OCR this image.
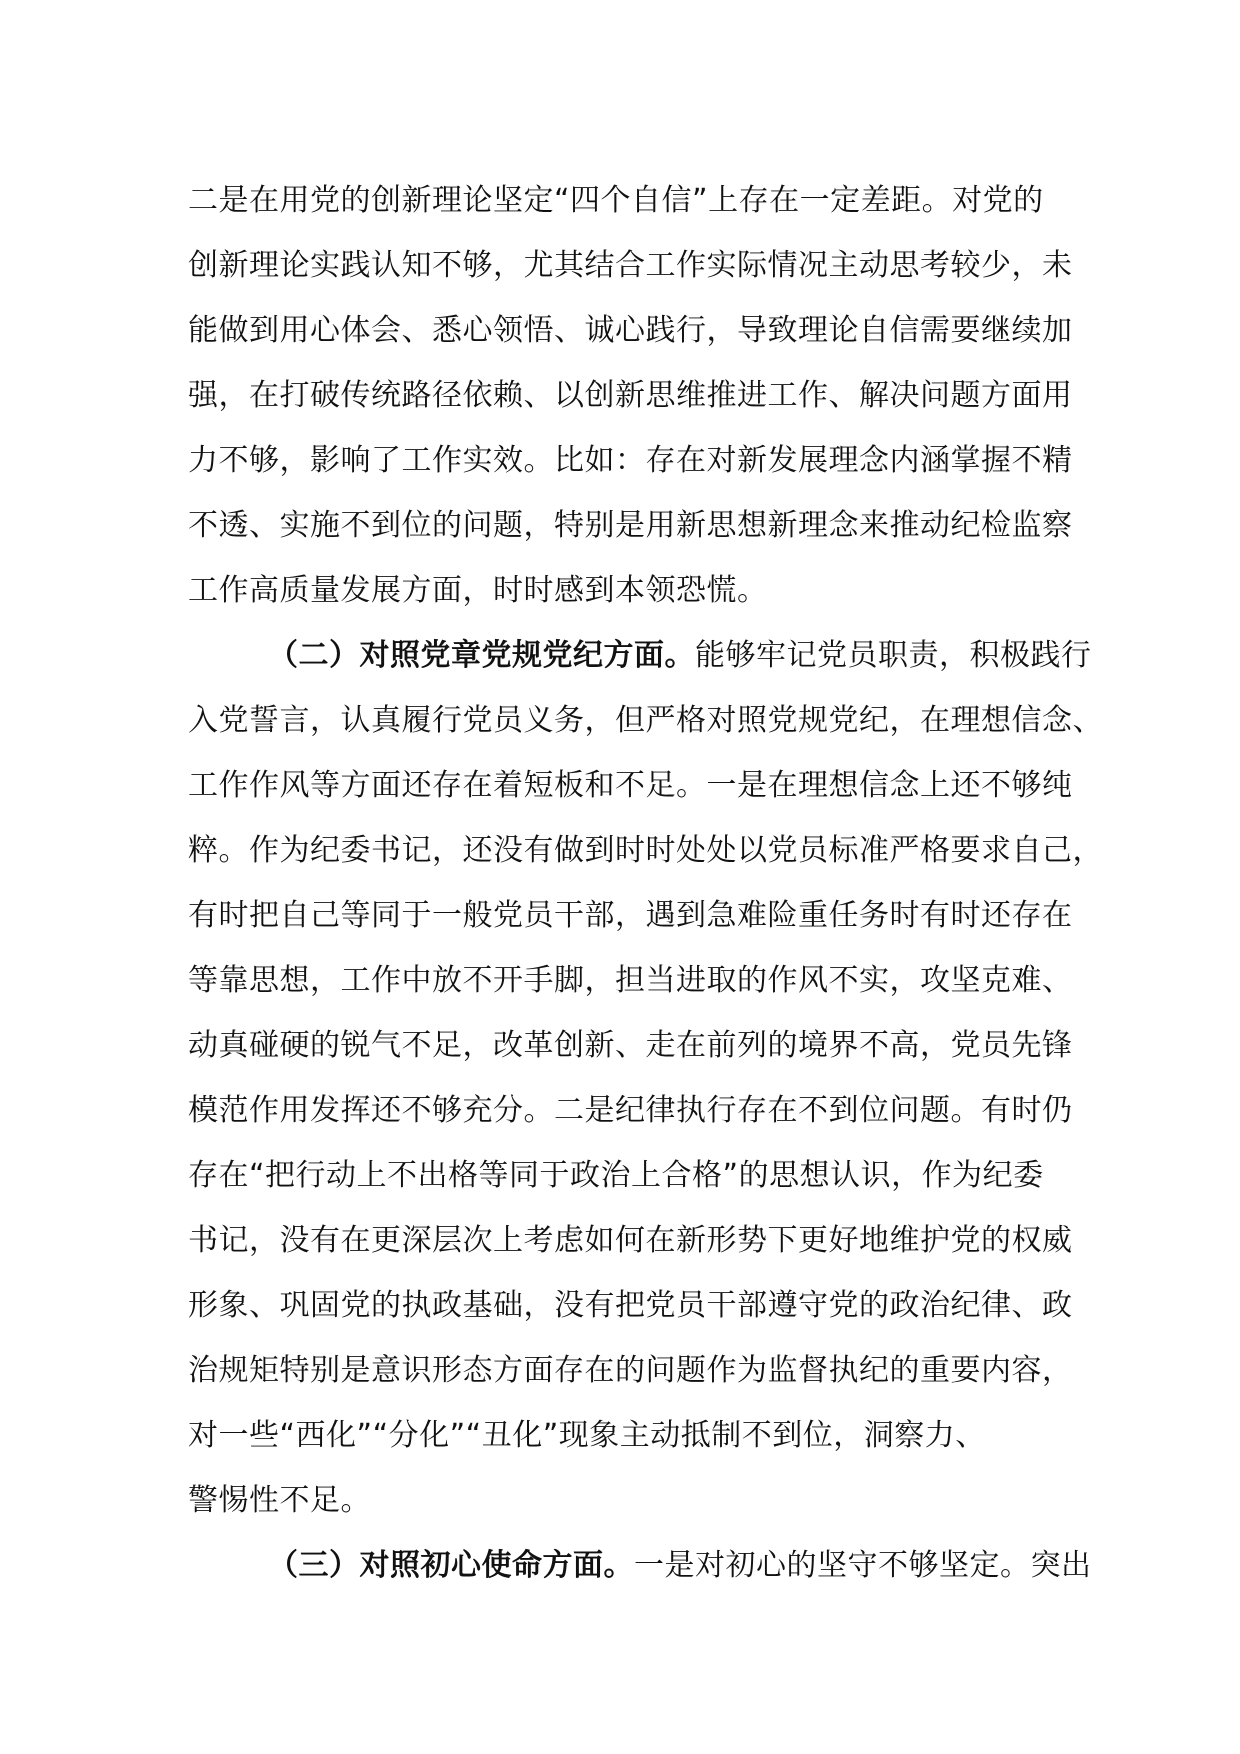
二是在用党的创新理论坚定“四个自信”上存在一定差距。对党的
创新理论实践认知不够，尤其结合工作实际情况主动思考较少，未
能做到用心体会、悉心领悟、诚心践行，导致理论自信需要继续加
强，在打破传统路径依赖、以创新思维推进工作、解决问题方面用
力不够，影响了工作实效。比如：存在对新发展理念内涵掌握不精
不透、实施不到位的问题，特别是用新思想新理念来推动纪检监察
工作高质量发展方面，时时感到本领恐慌。
（二）对照党章党规党纪方面。能够牢记党员职责，积极践行
入党誓言，认真履行党员义务，但严格对照党规党纪，在理想信念、
工作作风等方面还存在着短板和不足。一是在理想信念上还不够纯
粹。作为纪委书记，还没有做到时时处处以党员标准严格要求自己，
有时把自己等同于一般党员干部，遇到急难险重任务时有时还存在
等靠思想，工作中放不开手脚，担当进取的作风不实，攻坚克难、
动真碰硬的锐气不足，改革创新、走在前列的境界不高，党员先锋
模范作用发挥还不够充分。二是纪律执行存在不到位问题。有时仍
存在“把行动上不出格等同于政治上合格”的思想认识，作为纪委
书记，没有在更深层次上考虑如何在新形势下更好地维护党的权威
形象、巩固党的执政基础，没有把党员干部遵守党的政治纪律、政
治规矩特别是意识形态方面存在的问题作为监督执纪的重要内容，
对一些“西化”“分化”“丑化”现象主动抵制不到位，洞察力、
警惕性不足。
（三）对照初心使命方面。一是对初心的坚守不够坚定。突出
